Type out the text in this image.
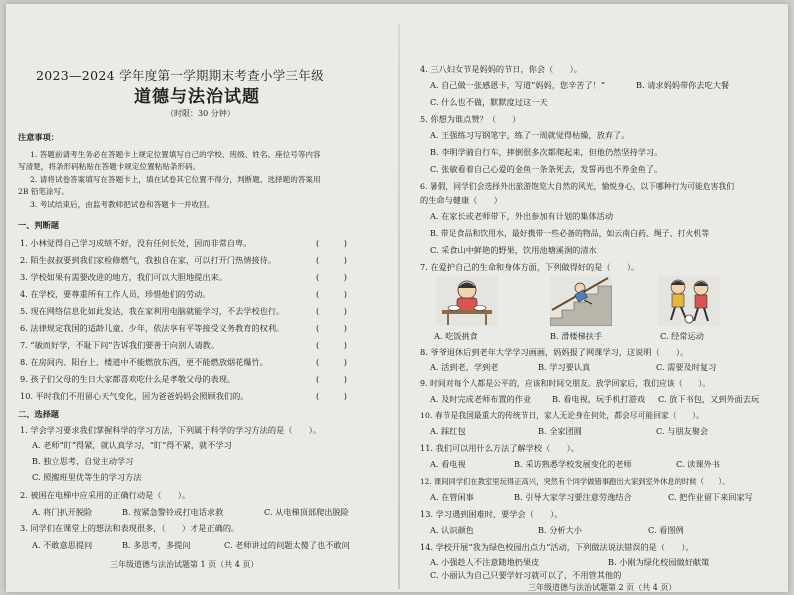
2023—2024 学年度第一学期期末考查小学三年级
道德与法治试题
（时限：30 分钟）
注意事项：
1. 答题前请考生务必在答题卡上规定位置填写自己的学校、班级、姓名、座位号等内容
写清楚，将条形码粘贴在答题卡规定位置粘贴条形码。
2. 请将试卷答案填写在答题卡上，填在试卷其它位置不得分，判断题、选择题的答案用
2B 铅笔涂写。
3. 考试结束后，由监考教师把试卷和答题卡一并收回。
一、判断题
1. 小林觉得自己学习成绩不好，没有任何长处，因而非常自卑。	(　　　)
2. 陌生叔叔要到我们家检修燃气，我独自在家，可以打开门热情接待。	(　　　)
3. 学校如果有需要改进的地方，我们可以大胆地提出来。	(　　　)
4. 在学校，要尊重所有工作人员，珍惜他们的劳动。	(　　　)
5. 现在网络信息化如此发达，我在家利用电脑就能学习，不去学校也行。	(　　　)
6. 法律规定我国的适龄儿童、少年，依法享有平等接受义务教育的权利。	(　　　)
7. “敏而好学，不耻下问”告诉我们要善于向别人请教。	(　　　)
8. 在房间内、阳台上、楼道中不能燃放东西，更不能燃放烟花爆竹。	(　　　)
9. 孩子们父母的生日大家都喜欢吃什么是孝敬父母的表现。	(　　　)
10. 平时我们不用留心天气变化，因为爸爸妈妈会照顾我们的。	(　　　)
二、选择题
1. 学会学习要求我们掌握科学的学习方法，下列属于科学的学习方法的是（　　）。
A. 老师“盯”得紧，就认真学习，“盯”得不紧，就不学习
B. 独立思考，自觉主动学习
C. 照搬班里优等生的学习方法
2. 被困在电梯中应采用的正确行动是（　　）。
A. 将门扒开脱险	B. 按紧急警铃或打电话求救	C. 从电梯顶部爬出脱险
3. 同学们在课堂上的想法和表现很多，（　　）才是正确的。
A. 不敢意思提问	B. 多思考，多提问	C. 老师讲过的问题太傻了也不敢问
三年级道德与法治试题第 1 页（共 4 页）
4. 三八妇女节是妈妈的节日，你会（　　）。
A. 自己做一张感恩卡，写道“妈妈，您辛苦了！”	B. 请求妈妈带你去吃大餐
C. 什么也不做，默默度过这一天
5. 你想为谁点赞？（　　）
A. 王强练习写钢笔字，练了一周就觉得枯燥，放弃了。
B. 李明学骑自行车，摔倒很多次都爬起来，但他仍然坚持学习。
C. 张敏看着自己心爱的金鱼一条条死去，发誓再也不养金鱼了。
6. 暑假，同学们会选择外出旅游饱览大自然的风光，愉悦身心，以下哪种行为可能危害我们
的生命与健康（　　）
A. 在家长或老师带下，外出参加有计划的集体活动
B. 带足食品和饮用水，最好携带一些必备的物品，如云南白药、绳子、打火机等
C. 采食山中鲜艳的野果，饮用池塘溪涧的清水
7. 在爱护自己的生命和身体方面，下列做得好的是（　　）。
A. 吃饭挑食	B. 滑楼梯扶手	C. 经常运动
8. 爷爷退休后到老年大学学习画画，妈妈报了网课学习，这说明（　　）。
A. 活到老，学到老	B. 学习要认真	C. 需要及时复习
9. 时间对每个人都是公平的，应该和时间交朋友。放学回家后，我们应该（　　）。
A. 及时完成老师布置的作业	B. 看电视，玩手机打游戏 C. 放下书包，又到外面去玩
10. 春节是我国最重大的传统节日，家人无论身在何处，都会尽可能回家（　　）。
A. 踩红包	B. 全家团圆	C. 与朋友聚会
11. 我们可以用什么方法了解学校（　　）。
A. 看电视	B. 采访熟悉学校发展变化的老师	C. 读课外书
12. 课间同学们在教室里玩得正高兴，突然有个同学做错事跑出大家到室外休息的时候（　　）。
A. 在管闲事	B. 引导大家学习要注意劳逸结合	C. 把作业留下来回家写
13. 学习遇到困难时，要学会（　　）。
A. 认识颜色	B. 分析大小	C. 看图例
14. 学校开展“我为绿色校园出点力”活动，下列做法说法错误的是（　　）。
A. 小强趁人不注意随地扔果皮	B. 小刚为绿化校园做好献策
C. 小丽认为自己只要学好习就可以了，不用管其他的
三年级道德与法治试题第 2 页（共 4 页）
